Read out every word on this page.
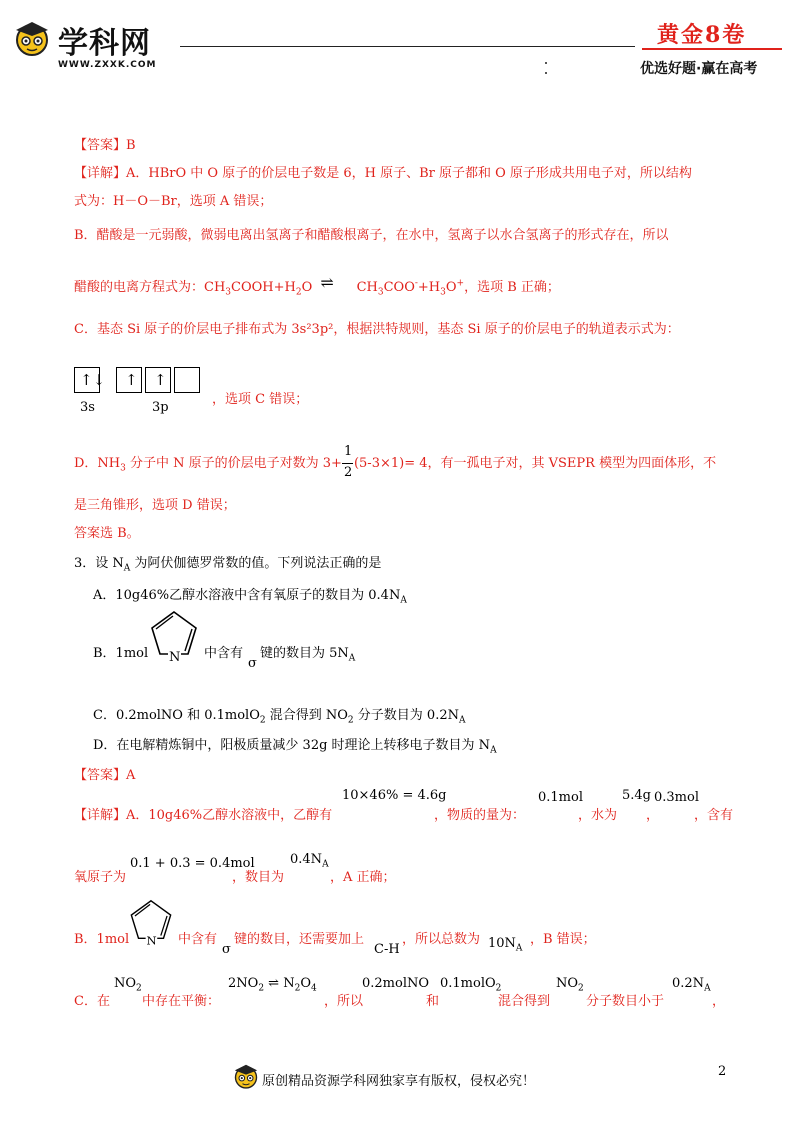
学科网
WWW.ZXXK.COM
黄金8卷
优选好题·赢在高考
【答案】B
【详解】A．HBrO 中 O 原子的价层电子数是 6，H 原子、Br 原子都和 O 原子形成共用电子对，所以结构
式为：H－O－Br，选项 A 错误；
B．醋酸是一元弱酸，微弱电离出氢离子和醋酸根离子，在水中，氢离子以水合氢离子的形式存在，所以
醋酸的电离方程式为：$CH_3COOH+H_2O$ ⇌ $CH_3COO^-+H_3O^+$，选项 B 正确；
C．基态 Si 原子的价层电子排布式为 3s²3p²，根据洪特规则，基态 Si 原子的价层电子的轨道表示式为：
↑↓ ↑ ↑
3s	3p
，选项 C 错误；
D．$NH_3$ 分子中 N 原子的价层电子对数为 3+
$\frac{1}{2}$
(5-3×1)= 4，有一孤电子对，其 VSEPR 模型为四面体形，不
是三角锥形，选项 D 错误；
答案选 B。
3．设 $N_A$ 为阿伏伽德罗常数的值。下列说法正确的是
A．10g46%乙醇水溶液中含有氧原子的数目为 $0.4N_A$
B．1mol N 中含有
σ
键的数目为 $5N_A$
C．0.2molNO 和 0.1molO$_2$ 混合得到 $NO_2$ 分子数目为 $0.2N_A$
D．在电解精炼铜中，阳极质量减少 32g 时理论上转移电子数目为 $N_A$
【答案】A
【详解】A．10g46%乙醇水溶液中，乙醇有
10×46% = 4.6g
，物质的量为：
0.1mol
，水为
5.4g
，
0.3mol
，含有
氧原子为
0.1 + 0.3 = 0.4mol
，数目为
$0.4N_A$
，A 正确；
B．1mol N 中含有
σ
键的数目，还需要加上
C-H
，所以总数为 $10N_A$
，B 错误；
C．在
$NO_2$
中存在平衡：
$2NO_2$ ⇌ $N_2O_4$
，所以
0.2molNO
和
0.1molO$_2$
混合得到
$NO_2$
分子数目小于
$0.2N_A$
，
原创精品资源学科网独家享有版权，侵权必究！
2
